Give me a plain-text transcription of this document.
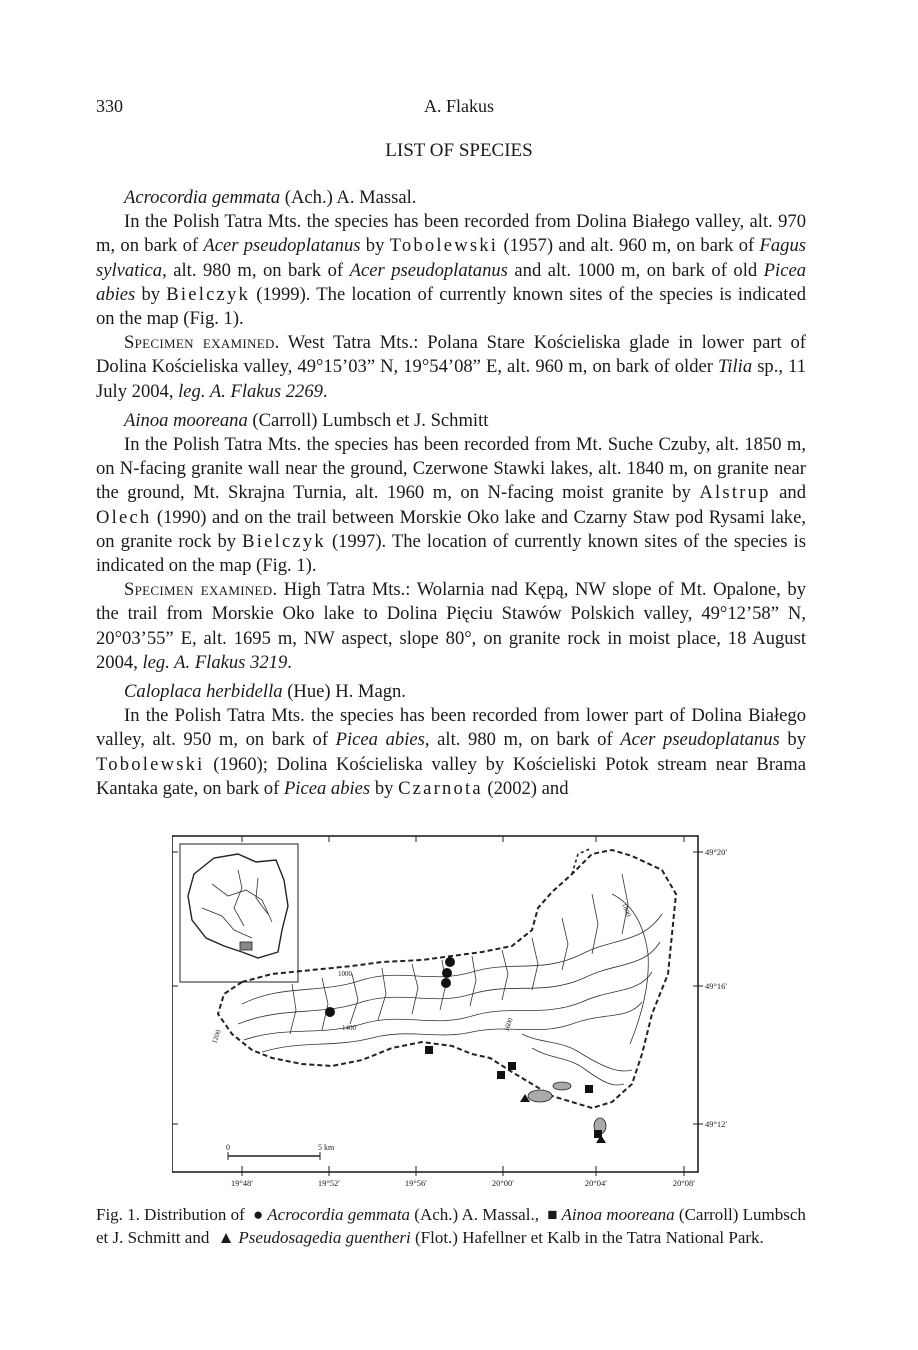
330	A. Flakus
LIST OF SPECIES

Acrocordia gemmata (Ach.) A. Massal.

In the Polish Tatra Mts. the species has been recorded from Dolina Białego valley, alt. 970 m, on bark of Acer pseudoplatanus by Tobolewski (1957) and alt. 960 m, on bark of Fagus sylvatica, alt. 980 m, on bark of Acer pseudoplatanus and alt. 1000 m, on bark of old Picea abies by Bielczyk (1999). The location of currently known sites of the species is indicated on the map (Fig. 1).

Specimen examined. West Tatra Mts.: Polana Stare Kościeliska glade in lower part of Dolina Kościeliska valley, 49°15’03” N, 19°54’08” E, alt. 960 m, on bark of older Tilia sp., 11 July 2004, leg. A. Flakus 2269.

Ainoa mooreana (Carroll) Lumbsch et J. Schmitt

In the Polish Tatra Mts. the species has been recorded from Mt. Suche Czuby, alt. 1850 m, on N-facing granite wall near the ground, Czerwone Stawki lakes, alt. 1840 m, on granite near the ground, Mt. Skrajna Turnia, alt. 1960 m, on N-facing moist granite by Alstrup and Olech (1990) and on the trail between Morskie Oko lake and Czarny Staw pod Rysami lake, on granite rock by Bielczyk (1997). The location of currently known sites of the species is indicated on the map (Fig. 1).

Specimen examined. High Tatra Mts.: Wolarnia nad Kępą, NW slope of Mt. Opalone, by the trail from Morskie Oko lake to Dolina Pięciu Stawów Polskich valley, 49°12’58” N, 20°03’55” E, alt. 1695 m, NW aspect, slope 80°, on granite rock in moist place, 18 August 2004, leg. A. Flakus 3219.

Caloplaca herbidella (Hue) H. Magn.

In the Polish Tatra Mts. the species has been recorded from lower part of Dolina Białego valley, alt. 950 m, on bark of Picea abies, alt. 980 m, on bark of Acer pseudoplatanus by Tobolewski (1960); Dolina Kościeliska valley by Kościeliski Potok stream near Brama Kantaka gate, on bark of Picea abies by Czarnota (2002) and

1000
1400
1200
1600
1800
0	5 km
49°20′
49°16′
49°12′
19°48′	19°52′	19°56′	20°00′	20°04′	20°08′
Fig. 1. Distribution of ● Acrocordia gemmata (Ach.) A. Massal., ■ Ainoa mooreana (Carroll) Lumbsch et J. Schmitt and ▲ Pseudosagedia guentheri (Flot.) Hafellner et Kalb in the Tatra National Park.
